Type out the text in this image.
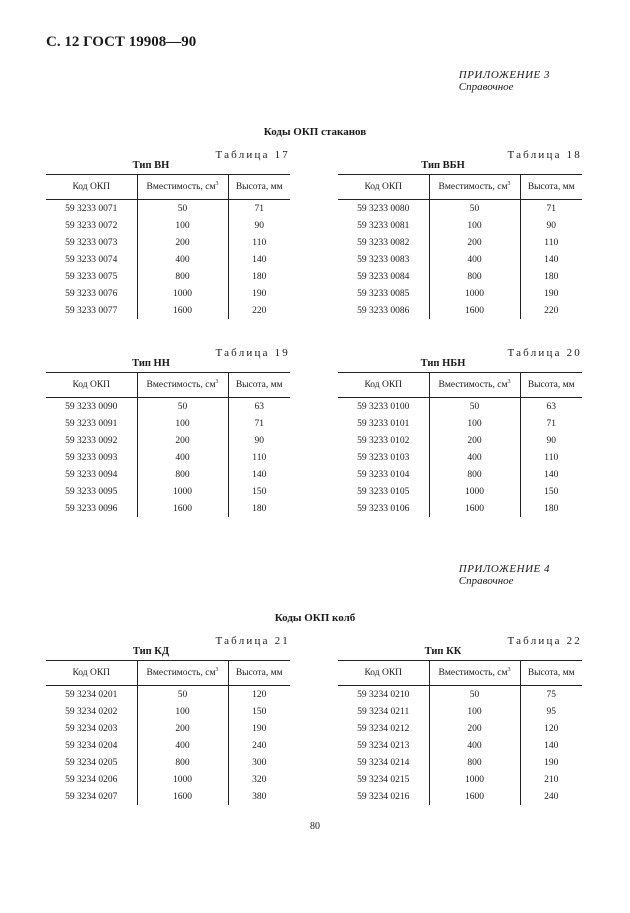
С. 12 ГОСТ 19908—90
ПРИЛОЖЕНИЕ 3
Справочное
Коды ОКП стаканов
ПРИЛОЖЕНИЕ 4
Справочное
Коды ОКП колб
Таблица 17
Тип ВН
Код ОКП	Вместимость, $см^3$	Высота, мм
59 3233 0071	50	71
59 3233 0072	100	90
59 3233 0073	200	110
59 3233 0074	400	140
59 3233 0075	800	180
59 3233 0076	1000	190
59 3233 0077	1600	220
Таблица 18
Тип ВБН
Код ОКП	Вместимость, $см^3$	Высота, мм
59 3233 0080	50	71
59 3233 0081	100	90
59 3233 0082	200	110
59 3233 0083	400	140
59 3233 0084	800	180
59 3233 0085	1000	190
59 3233 0086	1600	220
Таблица 19
Тип НН
Код ОКП	Вместимость, $см^3$	Высота, мм
59 3233 0090	50	63
59 3233 0091	100	71
59 3233 0092	200	90
59 3233 0093	400	110
59 3233 0094	800	140
59 3233 0095	1000	150
59 3233 0096	1600	180
Таблица 20
Тип НБН
Код ОКП	Вместимость, $см^3$	Высота, мм
59 3233 0100	50	63
59 3233 0101	100	71
59 3233 0102	200	90
59 3233 0103	400	110
59 3233 0104	800	140
59 3233 0105	1000	150
59 3233 0106	1600	180
Таблица 21
Тип КД
Код ОКП	Вместимость, $см^3$	Высота, мм
59 3234 0201	50	120
59 3234 0202	100	150
59 3234 0203	200	190
59 3234 0204	400	240
59 3234 0205	800	300
59 3234 0206	1000	320
59 3234 0207	1600	380
Таблица 22
Тип КК
Код ОКП	Вместимость, $см^3$	Высота, мм
59 3234 0210	50	75
59 3234 0211	100	95
59 3234 0212	200	120
59 3234 0213	400	140
59 3234 0214	800	190
59 3234 0215	1000	210
59 3234 0216	1600	240
80
